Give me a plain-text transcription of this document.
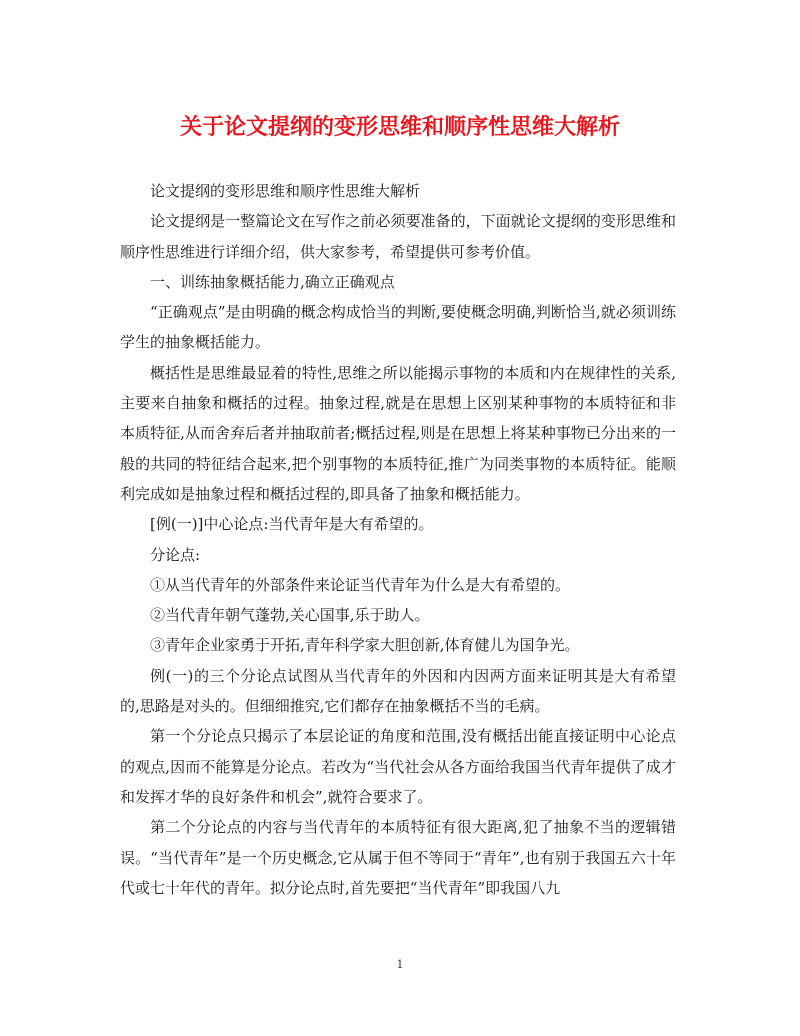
关于论文提纲的变形思维和顺序性思维大解析

论文提纲的变形思维和顺序性思维大解析

论文提纲是一整篇论文在写作之前必须要准备的，下面就论文提纲的变形思维和顺序性思维进行详细介绍，供大家参考，希望提供可参考价值。

一、训练抽象概括能力,确立正确观点

“正确观点”是由明确的概念构成恰当的判断,要使概念明确,判断恰当,就必须训练学生的抽象概括能力。

概括性是思维最显着的特性,思维之所以能揭示事物的本质和内在规律性的关系,主要来自抽象和概括的过程。抽象过程,就是在思想上区别某种事物的本质特征和非本质特征,从而舍弃后者并抽取前者;概括过程,则是在思想上将某种事物已分出来的一般的共同的特征结合起来,把个别事物的本质特征,推广为同类事物的本质特征。能顺利完成如是抽象过程和概括过程的,即具备了抽象和概括能力。

[例(一)]中心论点:当代青年是大有希望的。

分论点:

①从当代青年的外部条件来论证当代青年为什么是大有希望的。

②当代青年朝气蓬勃,关心国事,乐于助人。

③青年企业家勇于开拓,青年科学家大胆创新,体育健儿为国争光。

例(一)的三个分论点试图从当代青年的外因和内因两方面来证明其是大有希望的,思路是对头的。但细细推究,它们都存在抽象概括不当的毛病。

第一个分论点只揭示了本层论证的角度和范围,没有概括出能直接证明中心论点的观点,因而不能算是分论点。若改为“当代社会从各方面给我国当代青年提供了成才和发挥才华的良好条件和机会”,就符合要求了。

第二个分论点的内容与当代青年的本质特征有很大距离,犯了抽象不当的逻辑错误。“当代青年”是一个历史概念,它从属于但不等同于“青年”,也有别于我国五六十年代或七十年代的青年。拟分论点时,首先要把“当代青年”即我国八九

1
